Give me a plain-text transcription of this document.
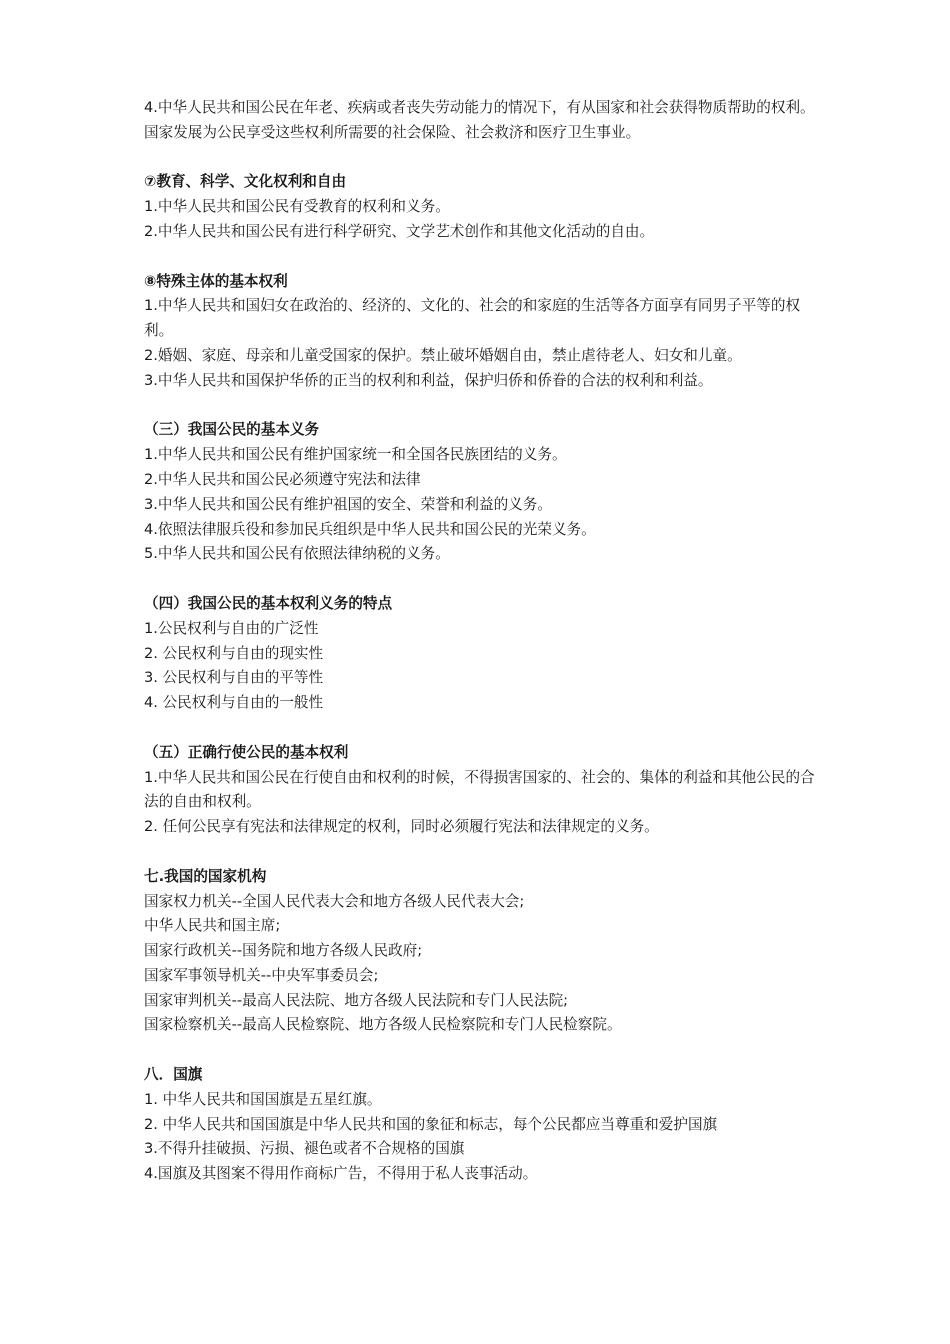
4.中华人民共和国公民在年老、疾病或者丧失劳动能力的情况下，有从国家和社会获得物质帮助的权利。国家发展为公民享受这些权利所需要的社会保险、社会救济和医疗卫生事业。

⑦教育、科学、文化权利和自由

1.中华人民共和国公民有受教育的权利和义务。

2.中华人民共和国公民有进行科学研究、文学艺术创作和其他文化活动的自由。

⑧特殊主体的基本权利

1.中华人民共和国妇女在政治的、经济的、文化的、社会的和家庭的生活等各方面享有同男子平等的权利。

2.婚姻、家庭、母亲和儿童受国家的保护。禁止破坏婚姻自由，禁止虐待老人、妇女和儿童。

3.中华人民共和国保护华侨的正当的权利和利益，保护归侨和侨眷的合法的权利和利益。

（三）我国公民的基本义务

1.中华人民共和国公民有维护国家统一和全国各民族团结的义务。

2.中华人民共和国公民必须遵守宪法和法律

3.中华人民共和国公民有维护祖国的安全、荣誉和利益的义务。

4.依照法律服兵役和参加民兵组织是中华人民共和国公民的光荣义务。

5.中华人民共和国公民有依照法律纳税的义务。

（四）我国公民的基本权利义务的特点

1.公民权利与自由的广泛性

2. 公民权利与自由的现实性

3. 公民权利与自由的平等性

4. 公民权利与自由的一般性

（五）正确行使公民的基本权利

1.中华人民共和国公民在行使自由和权利的时候，不得损害国家的、社会的、集体的利益和其他公民的合法的自由和权利。

2. 任何公民享有宪法和法律规定的权利，同时必须履行宪法和法律规定的义务。

七.我国的国家机构

国家权力机关--全国人民代表大会和地方各级人民代表大会;

中华人民共和国主席;

国家行政机关--国务院和地方各级人民政府;

国家军事领导机关--中央军事委员会;

国家审判机关--最高人民法院、地方各级人民法院和专门人民法院;

国家检察机关--最高人民检察院、地方各级人民检察院和专门人民检察院。

八．国旗

1. 中华人民共和国国旗是五星红旗。

2. 中华人民共和国国旗是中华人民共和国的象征和标志，每个公民都应当尊重和爱护国旗

3.不得升挂破损、污损、褪色或者不合规格的国旗

4.国旗及其图案不得用作商标广告，不得用于私人丧事活动。
